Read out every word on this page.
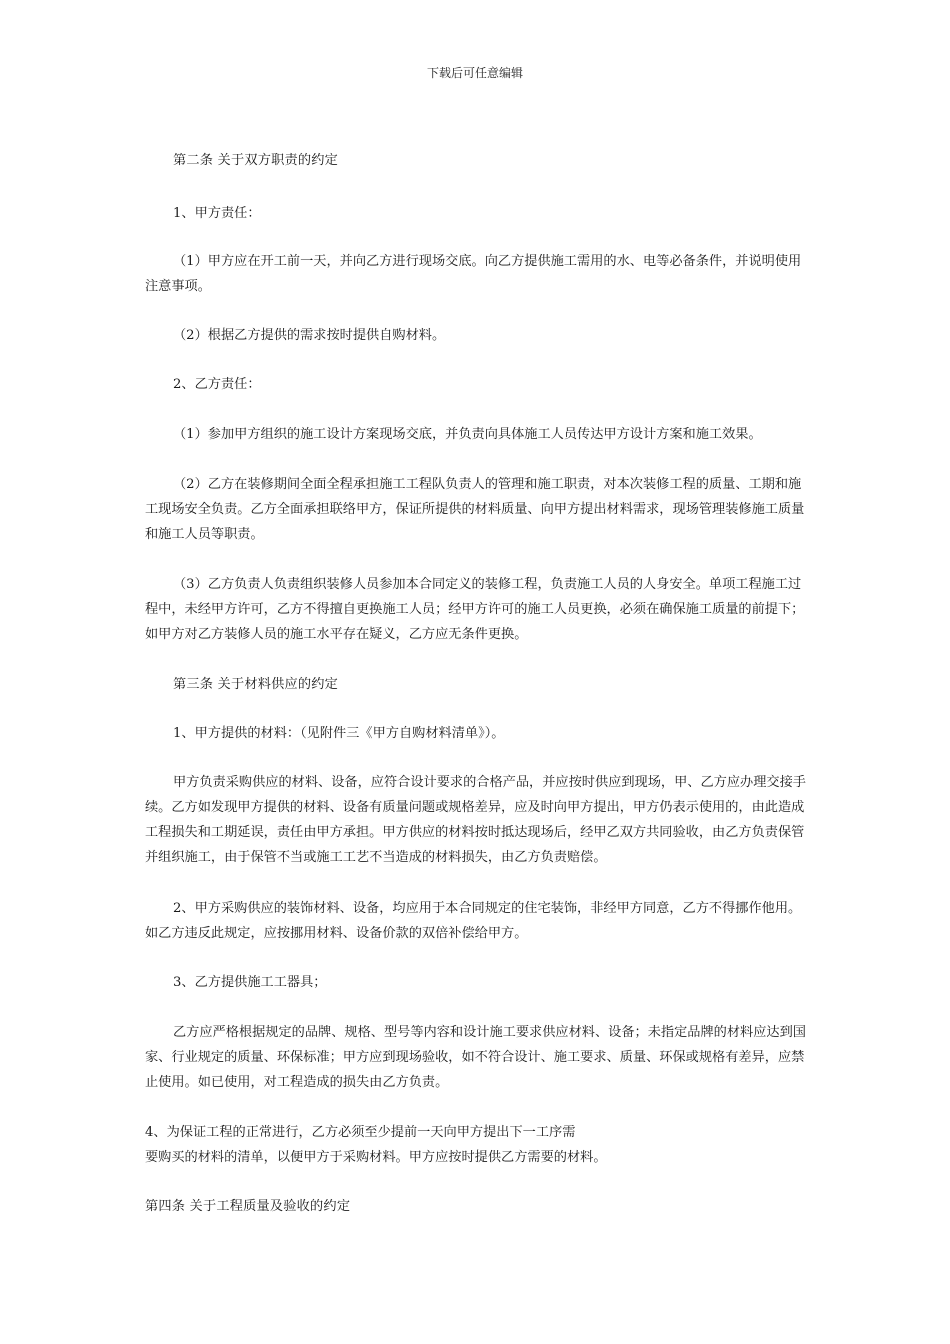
下载后可任意编辑

第二条 关于双方职责的约定

1、甲方责任：

（1）甲方应在开工前一天，并向乙方进行现场交底。向乙方提供施工需用的水、电等必备条件，并说明使用注意事项。

（2）根据乙方提供的需求按时提供自购材料。

2、乙方责任：

（1）参加甲方组织的施工设计方案现场交底，并负责向具体施工人员传达甲方设计方案和施工效果。

（2）乙方在装修期间全面全程承担施工工程队负责人的管理和施工职责，对本次装修工程的质量、工期和施工现场安全负责。乙方全面承担联络甲方，保证所提供的材料质量、向甲方提出材料需求，现场管理装修施工质量和施工人员等职责。

（3）乙方负责人负责组织装修人员参加本合同定义的装修工程，负责施工人员的人身安全。单项工程施工过程中，未经甲方许可，乙方不得擅自更换施工人员；经甲方许可的施工人员更换，必须在确保施工质量的前提下；如甲方对乙方装修人员的施工水平存在疑义，乙方应无条件更换。

第三条 关于材料供应的约定

1、甲方提供的材料：（见附件三《甲方自购材料清单》）。

甲方负责采购供应的材料、设备，应符合设计要求的合格产品，并应按时供应到现场，甲、乙方应办理交接手续。乙方如发现甲方提供的材料、设备有质量问题或规格差异，应及时向甲方提出，甲方仍表示使用的，由此造成工程损失和工期延误，责任由甲方承担。甲方供应的材料按时抵达现场后，经甲乙双方共同验收，由乙方负责保管并组织施工，由于保管不当或施工工艺不当造成的材料损失，由乙方负责赔偿。

2、甲方采购供应的装饰材料、设备，均应用于本合同规定的住宅装饰，非经甲方同意，乙方不得挪作他用。如乙方违反此规定，应按挪用材料、设备价款的双倍补偿给甲方。

3、乙方提供施工工器具；

乙方应严格根据规定的品牌、规格、型号等内容和设计施工要求供应材料、设备；未指定品牌的材料应达到国家、行业规定的质量、环保标准；甲方应到现场验收，如不符合设计、施工要求、质量、环保或规格有差异，应禁止使用。如已使用，对工程造成的损失由乙方负责。

4、为保证工程的正常进行，乙方必须至少提前一天向甲方提出下一工序需
要购买的材料的清单，以便甲方于采购材料。甲方应按时提供乙方需要的材料。

第四条 关于工程质量及验收的约定
